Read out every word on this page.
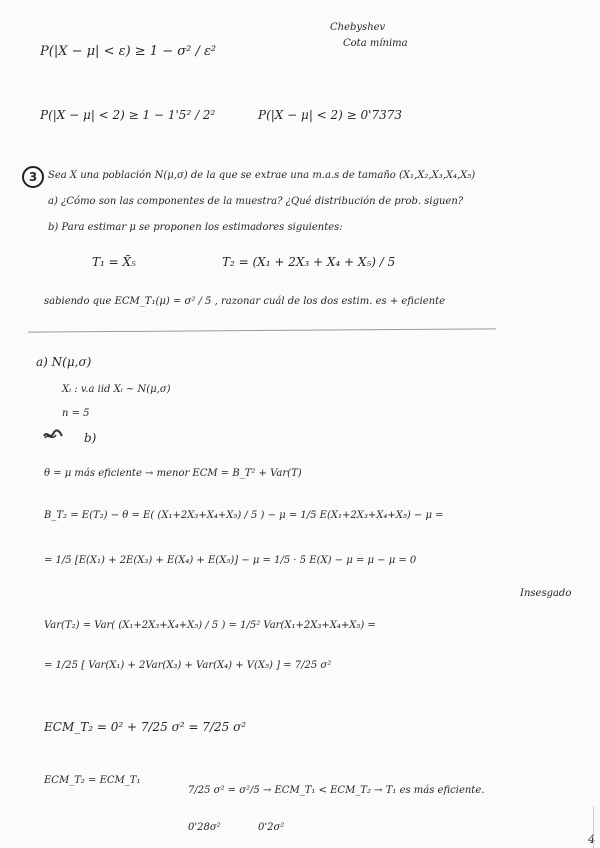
Chebyshev
Cota mínima
P(|X − μ| < ε) ≥ 1 − σ² / ε²
P(|X − μ| < 2) ≥ 1 − 1'5² / 2²	P(|X − μ| < 2) ≥ 0'7373
3	Sea X una población N(μ,σ) de la que se extrae una m.a.s de tamaño (X₁,X₂,X₃,X₄,X₅)
a) ¿Cómo son las componentes de la muestra? ¿Qué distribución de prob. siguen?
b) Para estimar μ se proponen los estimadores siguientes:
T₁ = X̄₅	T₂ = (X₁ + 2X₃ + X₄ + X₅) / 5
sabiendo que ECM_T₁(μ) = σ² / 5 , razonar cuál de los dos estim. es + eficiente
a) N(μ,σ)
Xᵢ : v.a iid Xᵢ ~ N(μ,σ)
n = 5
b)
θ = μ más eficiente → menor ECM = B_T² + Var(T)
B_T₂ = E(T₂) − θ = E( (X₁+2X₃+X₄+X₅) / 5 ) − μ = 1/5 E(X₁+2X₃+X₄+X₅) − μ =
= 1/5 [E(X₁) + 2E(X₃) + E(X₄) + E(X₅)] − μ = 1/5 · 5 E(X) − μ = μ − μ = 0
Insesgado
Var(T₂) = Var( (X₁+2X₃+X₄+X₅) / 5 ) = 1/5² Var(X₁+2X₃+X₄+X₅) =
= 1/25 [ Var(X₁) + 2Var(X₃) + Var(X₄) + V(X₅) ] = 7/25 σ²
ECM_T₂ = 0² + 7/25 σ² = 7/25 σ²
ECM_T₂ = ECM_T₁
7/25 σ² = σ²/5 → ECM_T₁ < ECM_T₂ → T₁ es más eficiente.
0'28σ²	0'2σ²
4
